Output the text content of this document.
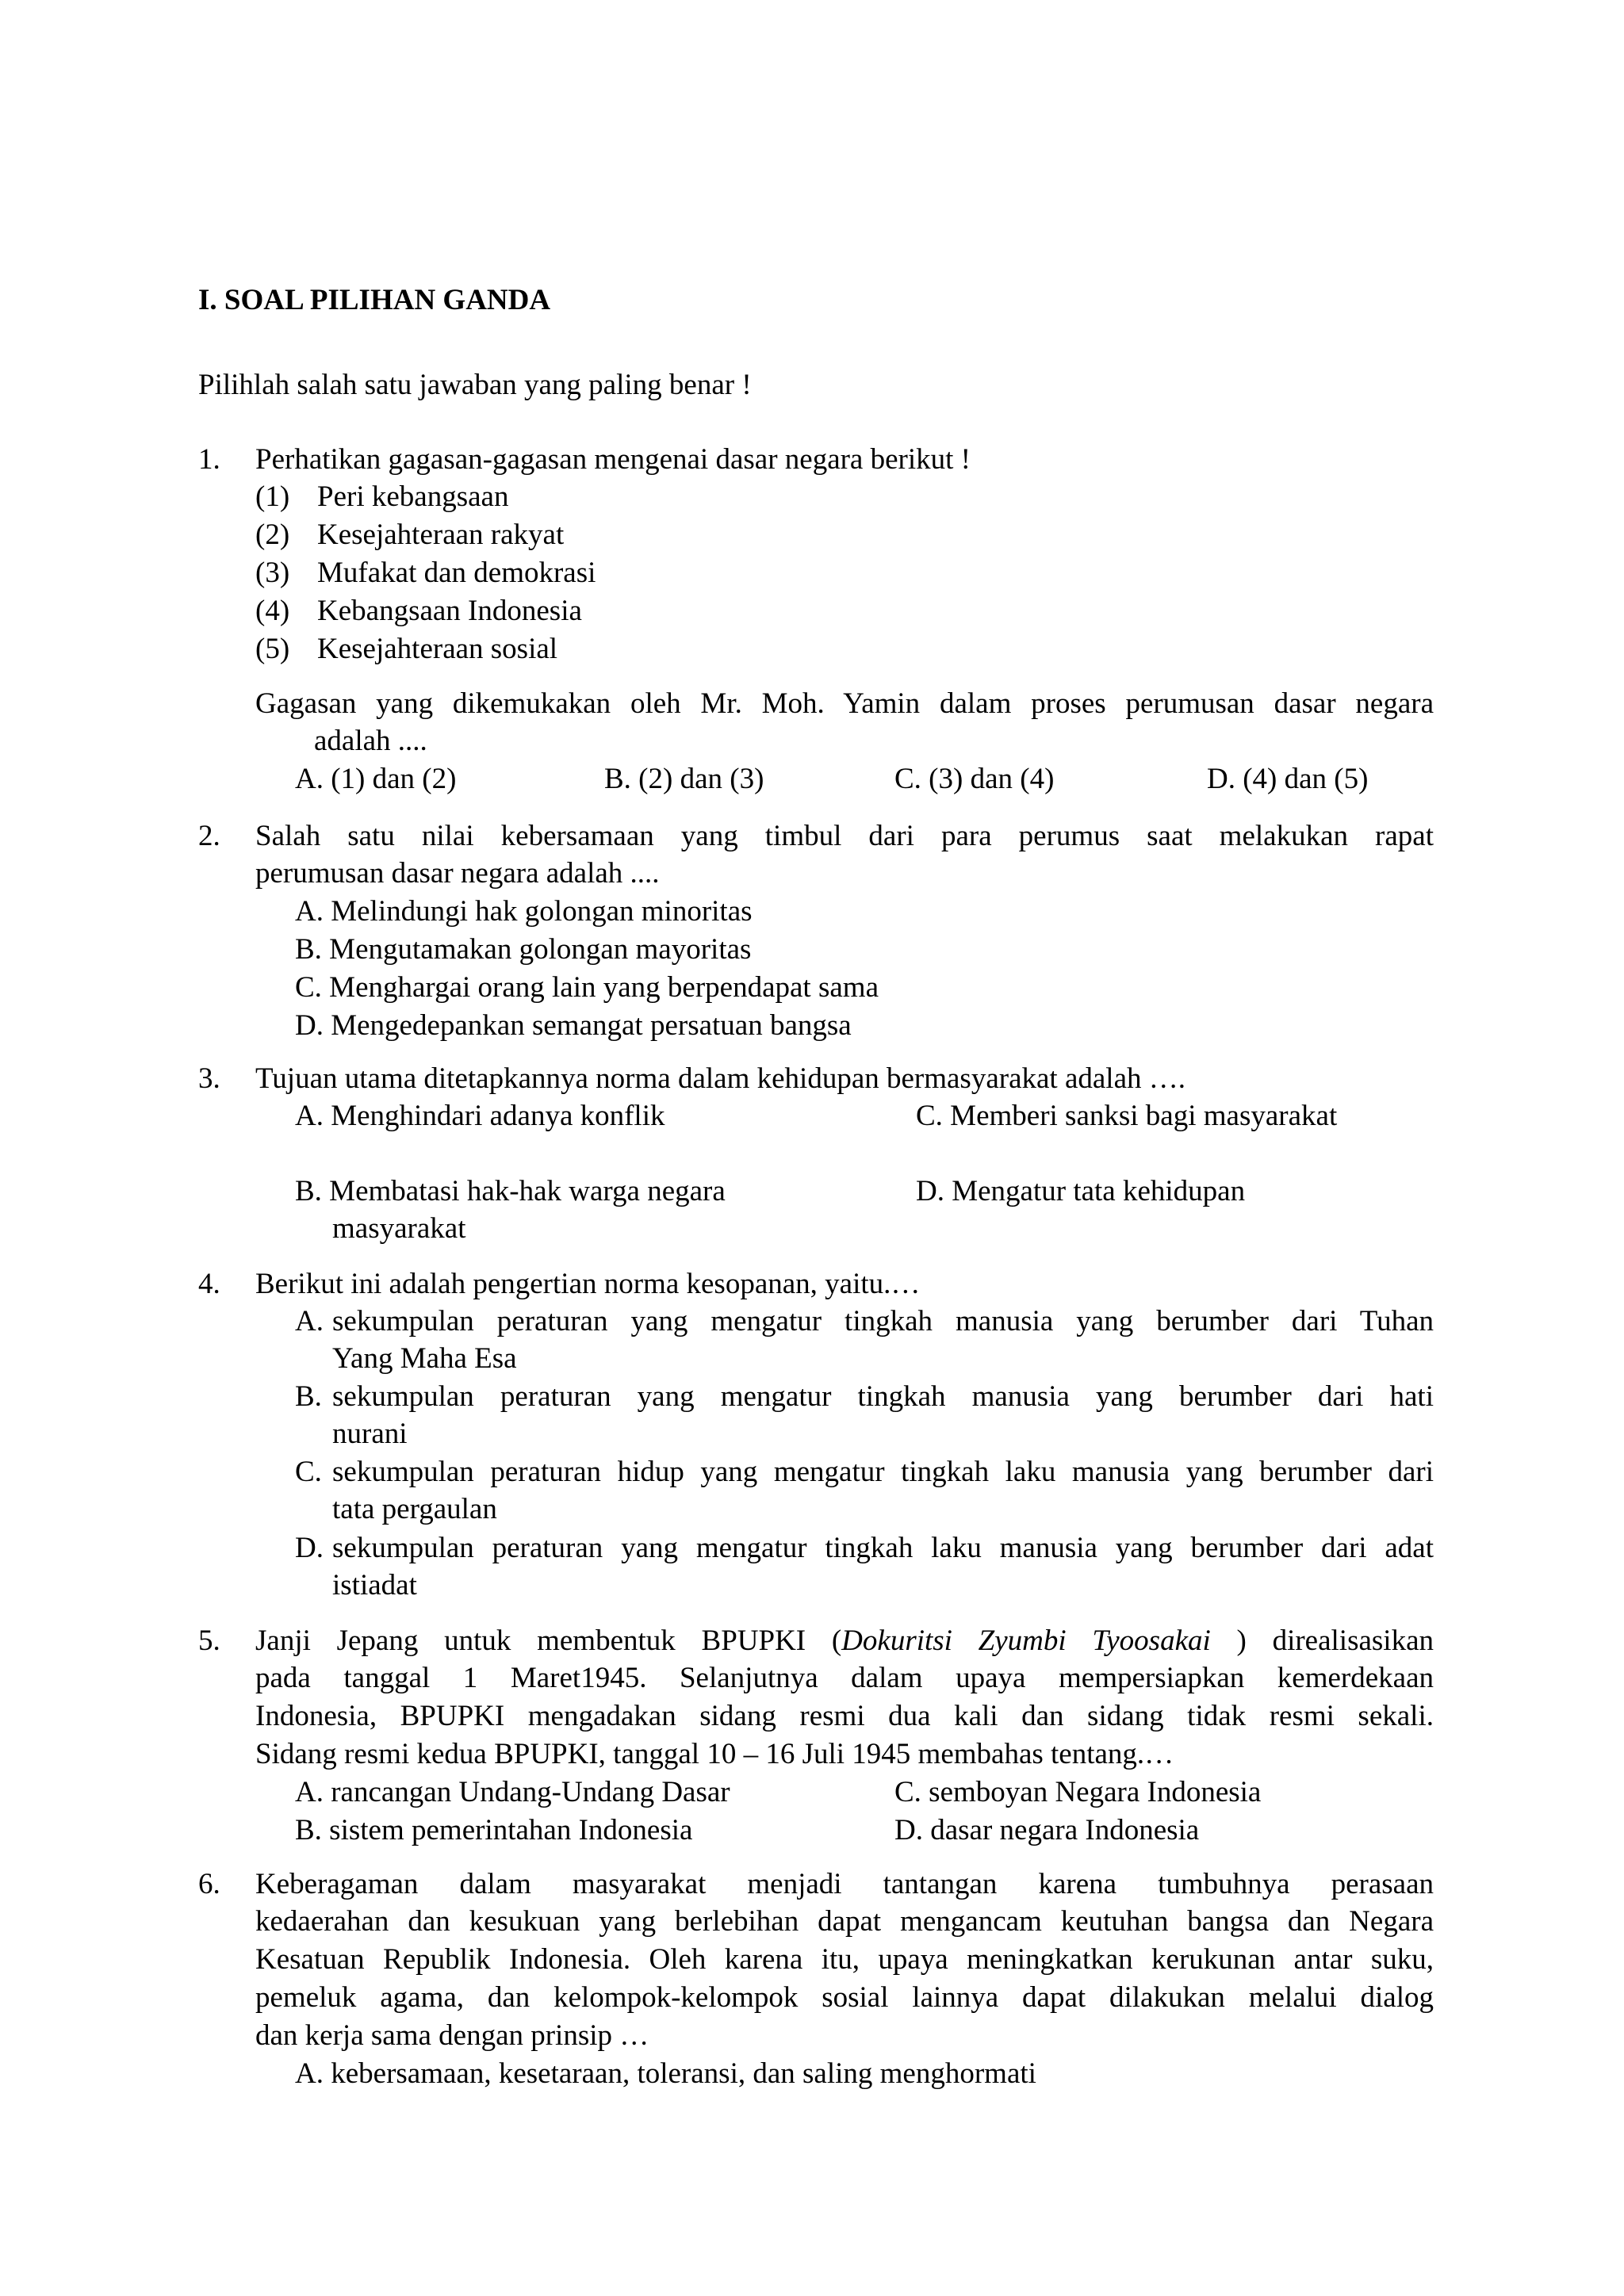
I. SOAL PILIHAN GANDA
Pilihlah salah satu jawaban yang paling benar !
1. Perhatikan gagasan-gagasan mengenai dasar negara berikut !
(1) Peri kebangsaan
(2) Kesejahteraan rakyat
(3) Mufakat dan demokrasi
(4) Kebangsaan Indonesia
(5) Kesejahteraan sosial
Gagasan yang dikemukakan oleh Mr. Moh. Yamin dalam proses perumusan dasar negara
adalah ....
A. (1) dan (2)	B. (2) dan (3)	C. (3) dan (4)	D. (4) dan (5)
2. Salah satu nilai kebersamaan yang timbul dari para perumus saat melakukan rapat
perumusan dasar negara adalah ....
A. Melindungi hak golongan minoritas
B. Mengutamakan golongan mayoritas
C. Menghargai orang lain yang berpendapat sama
D. Mengedepankan semangat persatuan bangsa
3. Tujuan utama ditetapkannya norma dalam kehidupan bermasyarakat adalah ….
A. Menghindari adanya konflik	C. Memberi sanksi bagi masyarakat
B. Membatasi hak-hak warga negara	D. Mengatur tata kehidupan
masyarakat
4. Berikut ini adalah pengertian norma kesopanan, yaitu.…
A. sekumpulan peraturan yang mengatur tingkah manusia yang berumber dari Tuhan
Yang Maha Esa
B. sekumpulan peraturan yang mengatur tingkah manusia yang berumber dari hati
nurani
C. sekumpulan peraturan hidup yang mengatur tingkah laku manusia yang berumber dari
tata pergaulan
D. sekumpulan peraturan yang mengatur tingkah laku manusia yang berumber dari adat
istiadat
5. Janji Jepang untuk membentuk BPUPKI (Dokuritsi Zyumbi Tyoosakai ) direalisasikan
pada tanggal 1 Maret1945. Selanjutnya dalam upaya mempersiapkan kemerdekaan
Indonesia, BPUPKI mengadakan sidang resmi dua kali dan sidang tidak resmi sekali.
Sidang resmi kedua BPUPKI, tanggal 10 – 16 Juli 1945 membahas tentang.…
A. rancangan Undang-Undang Dasar	C. semboyan Negara Indonesia
B. sistem pemerintahan Indonesia	D. dasar negara Indonesia
6. Keberagaman dalam masyarakat menjadi tantangan karena tumbuhnya perasaan
kedaerahan dan kesukuan yang berlebihan dapat mengancam keutuhan bangsa dan Negara
Kesatuan Republik Indonesia. Oleh karena itu, upaya meningkatkan kerukunan antar suku,
pemeluk agama, dan kelompok-kelompok sosial lainnya dapat dilakukan melalui dialog
dan kerja sama dengan prinsip …
A. kebersamaan, kesetaraan, toleransi, dan saling menghormati
